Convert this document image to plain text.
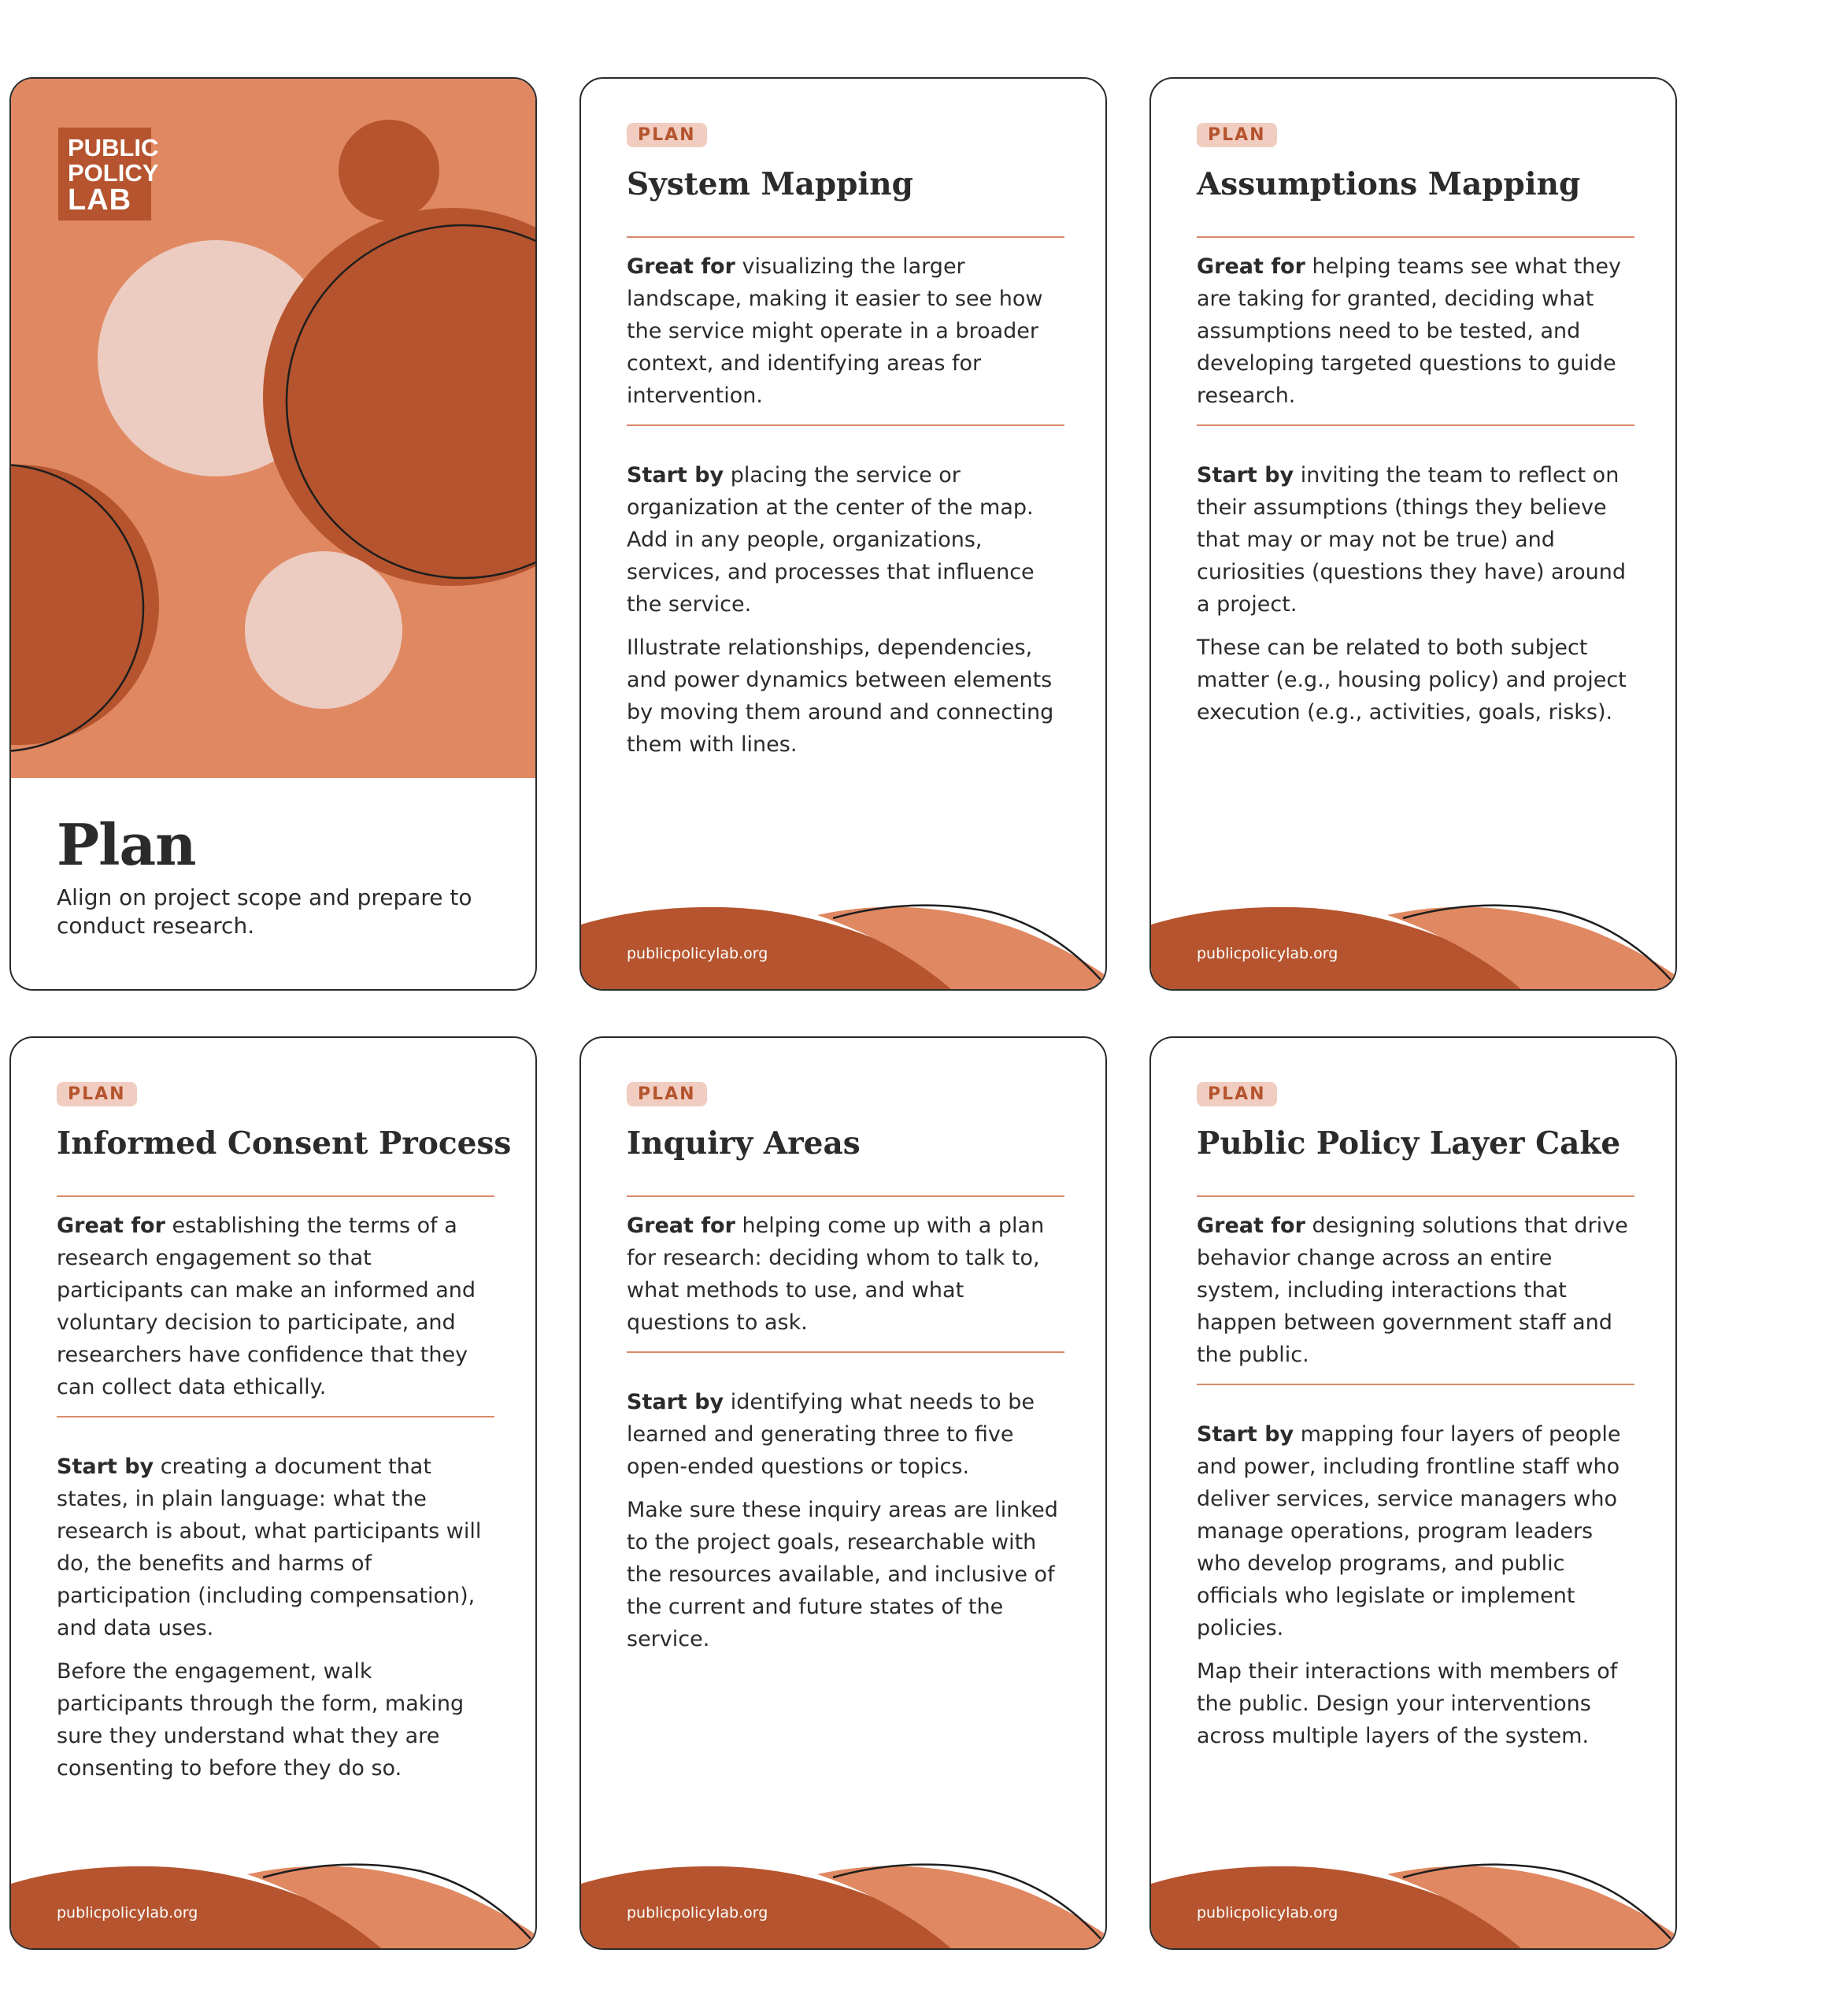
PUBLIC
POLICY
LAB
Plan

Align on project scope and prepare to conduct research.

PLAN
System Mapping

Great for visualizing the larger landscape, making it easier to see how the service might operate in a broader context, and identifying areas for intervention.

Start by placing the service or organization at the center of the map. Add in any people, organizations, services, and processes that influence the service.

Illustrate relationships, dependencies, and power dynamics between elements by moving them around and connecting them with lines.

publicpolicylab.org
PLAN
Assumptions Mapping

Great for helping teams see what they are taking for granted, deciding what assumptions need to be tested, and developing targeted questions to guide research.

Start by inviting the team to reflect on their assumptions (things they believe that may or may not be true) and curiosities (questions they have) around a project.

These can be related to both subject matter (e.g., housing policy) and project execution (e.g., activities, goals, risks).

publicpolicylab.org
PLAN
Informed Consent Process

Great for establishing the terms of a research engagement so that participants can make an informed and voluntary decision to participate, and researchers have confidence that they can collect data ethically.

Start by creating a document that states, in plain language: what the research is about, what participants will do, the benefits and harms of participation (including compensation), and data uses.

Before the engagement, walk participants through the form, making sure they understand what they are consenting to before they do so.

publicpolicylab.org
PLAN
Inquiry Areas

Great for helping come up with a plan for research: deciding whom to talk to, what methods to use, and what questions to ask.

Start by identifying what needs to be learned and generating three to five open-ended questions or topics.

Make sure these inquiry areas are linked to the project goals, researchable with the resources available, and inclusive of the current and future states of the service.

publicpolicylab.org
PLAN
Public Policy Layer Cake

Great for designing solutions that drive behavior change across an entire system, including interactions that happen between government staff and the public.

Start by mapping four layers of people and power, including frontline staff who deliver services, service managers who manage operations, program leaders who develop programs, and public officials who legislate or implement policies.

Map their interactions with members of the public. Design your interventions across multiple layers of the system.

publicpolicylab.org
